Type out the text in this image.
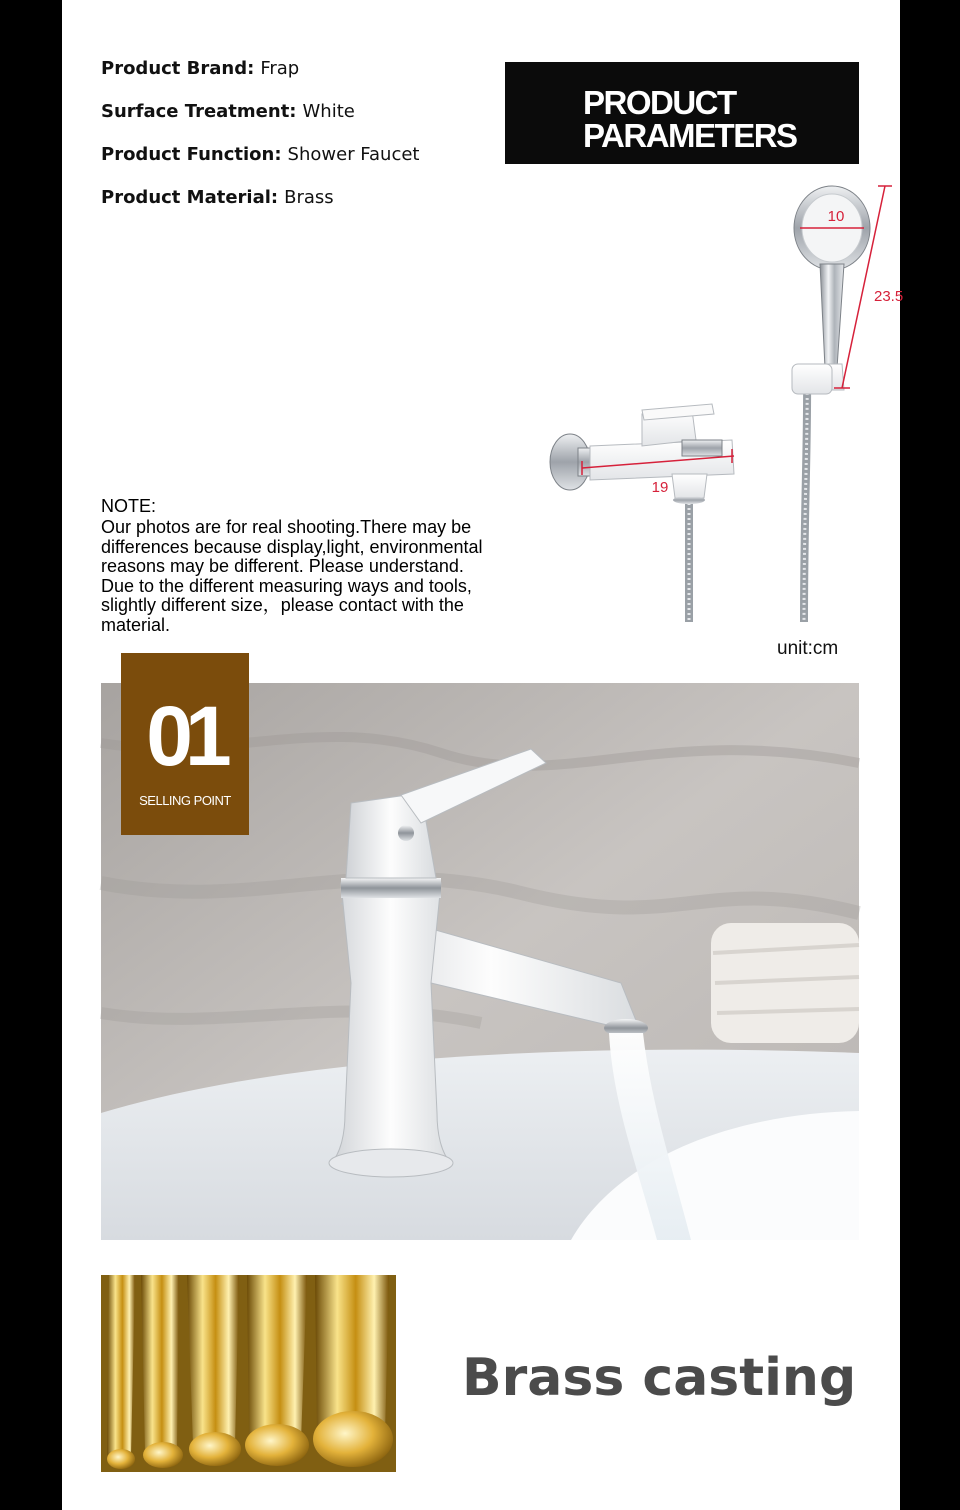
Product Brand: Frap
Surface Treatment: White
Product Function: Shower Faucet
Product Material: Brass
PRODUCT
PARAMETERS
10
23.5
19
NOTE:
Our photos are for real shooting.There may be
differences because display,light, environmental
reasons may be different. Please understand.
Due to the different measuring ways and tools,
slightly different size，please contact with the
material.
unit:cm
01
SELLING POINT
Brass casting
